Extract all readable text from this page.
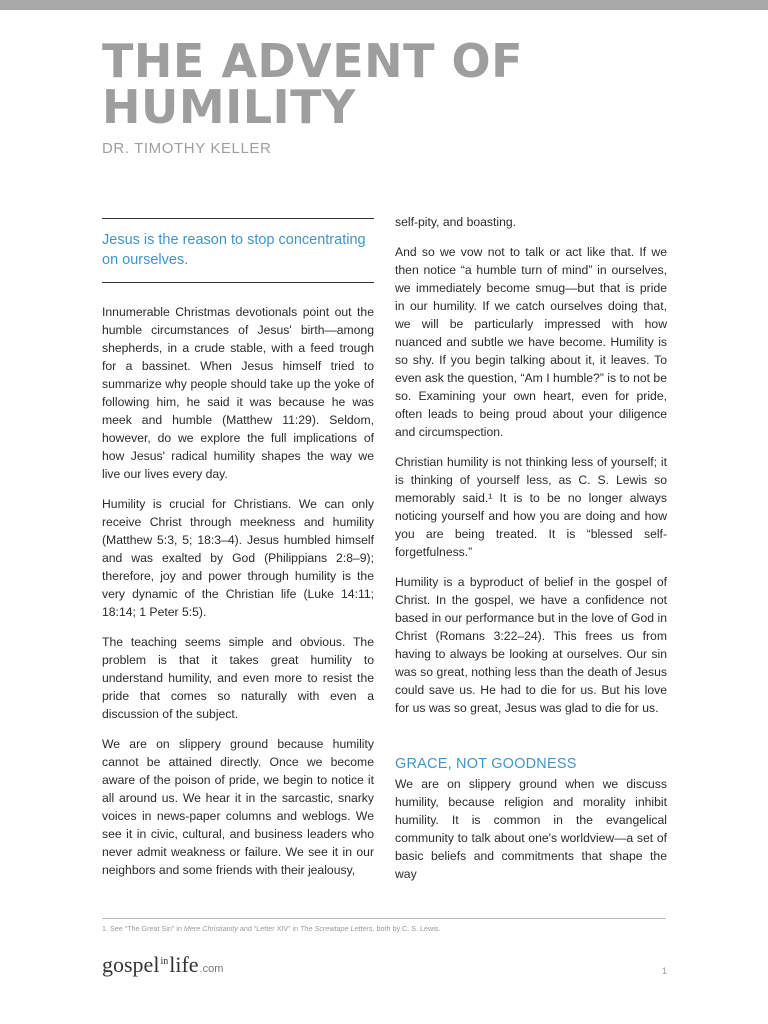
THE ADVENT OF
HUMILITY
DR. TIMOTHY KELLER
Jesus is the reason to stop concentrating on ourselves.

Innumerable Christmas devotionals point out the humble circumstances of Jesus' birth—among shepherds, in a crude stable, with a feed trough for a bassinet. When Jesus himself tried to summarize why people should take up the yoke of following him, he said it was because he was meek and humble (Matthew 11:29). Seldom, however, do we explore the full implications of how Jesus' radical humility shapes the way we live our lives every day.

Humility is crucial for Christians. We can only receive Christ through meekness and humility (Matthew 5:3, 5; 18:3–4). Jesus humbled himself and was exalted by God (Philippians 2:8–9); therefore, joy and power through humility is the very dynamic of the Christian life (Luke 14:11; 18:14; 1 Peter 5:5).

The teaching seems simple and obvious. The problem is that it takes great humility to understand humility, and even more to resist the pride that comes so naturally with even a discussion of the subject.

We are on slippery ground because humility cannot be attained directly. Once we become aware of the poison of pride, we begin to notice it all around us. We hear it in the sarcastic, snarky voices in news-paper columns and weblogs. We see it in civic, cultural, and business leaders who never admit weakness or failure. We see it in our neighbors and some friends with their jealousy,

self-pity, and boasting.

And so we vow not to talk or act like that. If we then notice “a humble turn of mind” in ourselves, we immediately become smug—but that is pride in our humility. If we catch ourselves doing that, we will be particularly impressed with how nuanced and subtle we have become. Humility is so shy. If you begin talking about it, it leaves. To even ask the question, “Am I humble?” is to not be so. Examining your own heart, even for pride, often leads to being proud about your diligence and circumspection.

Christian humility is not thinking less of yourself; it is thinking of yourself less, as C. S. Lewis so memorably said.¹ It is to be no longer always noticing yourself and how you are doing and how you are being treated. It is “blessed self-forgetfulness.”

Humility is a byproduct of belief in the gospel of Christ. In the gospel, we have a confidence not based in our performance but in the love of God in Christ (Romans 3:22–24). This frees us from having to always be looking at ourselves. Our sin was so great, nothing less than the death of Jesus could save us. He had to die for us. But his love for us was so great, Jesus was glad to die for us.

GRACE, NOT GOODNESS

We are on slippery ground when we discuss humility, because religion and morality inhibit humility. It is common in the evangelical community to talk about one's worldview—a set of basic beliefs and commitments that shape the way

1. See “The Great Sin” in Mere Christianity and “Letter XIV” in The Screwtape Letters, both by C. S. Lewis.
gospel$^{in}$life.com	1
